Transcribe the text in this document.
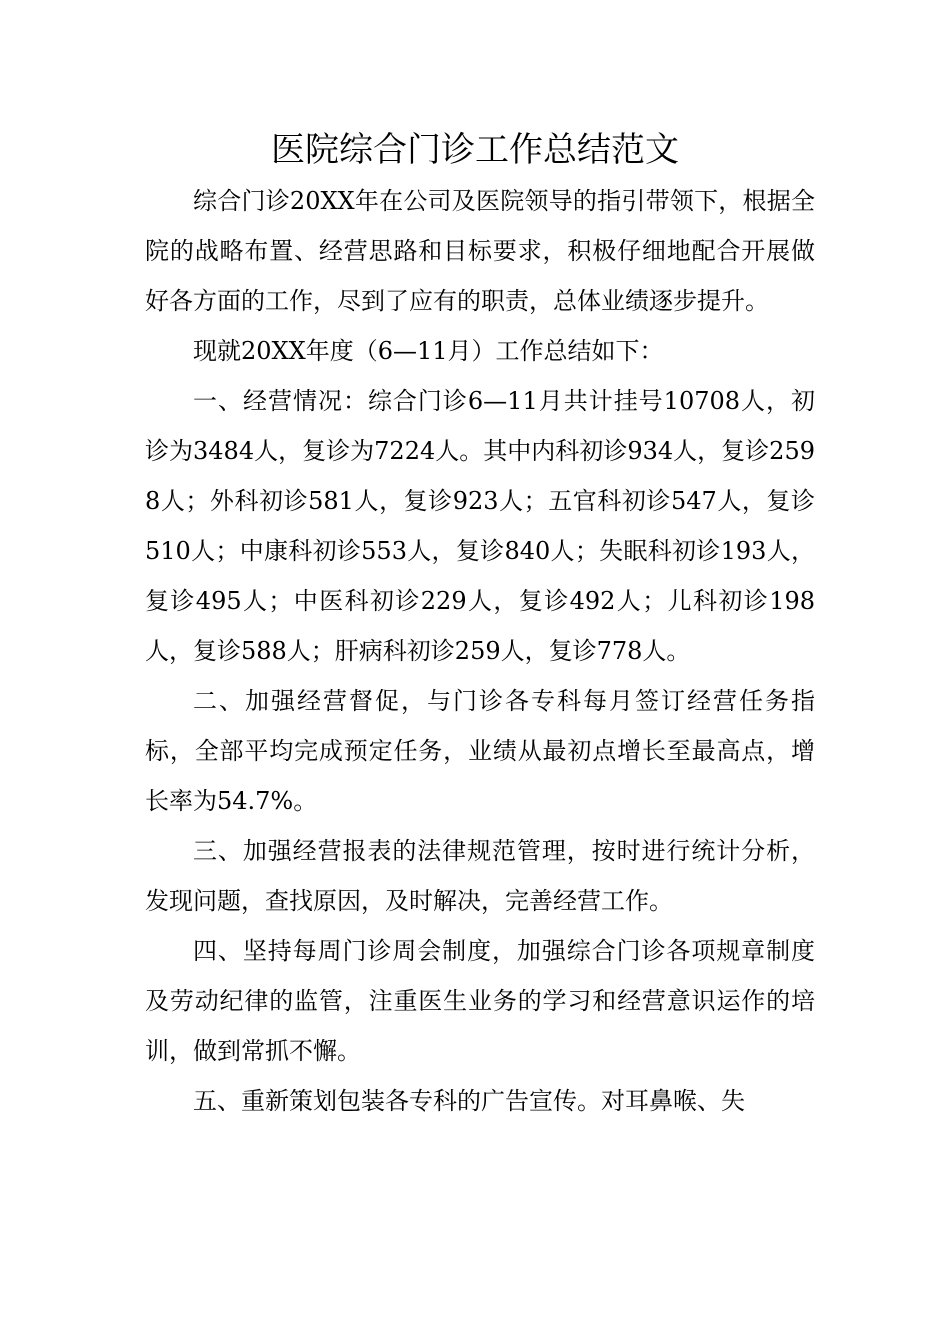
医院综合门诊工作总结范文

综合门诊20XX年在公司及医院领导的指引带领下，根据全院的战略布置、经营思路和目标要求，积极仔细地配合开展做好各方面的工作，尽到了应有的职责，总体业绩逐步提升。

现就20XX年度（6—11月）工作总结如下：

一、经营情况：综合门诊6—11月共计挂号10708人，初诊为3484人，复诊为7224人。其中内科初诊934人，复诊2598人；外科初诊581人，复诊923人；五官科初诊547人，复诊510人；中康科初诊553人，复诊840人；失眠科初诊193人，复诊495人；中医科初诊229人，复诊492人；儿科初诊198人，复诊588人；肝病科初诊259人，复诊778人。

二、加强经营督促，与门诊各专科每月签订经营任务指标，全部平均完成预定任务，业绩从最初点增长至最高点，增长率为54.7%。

三、加强经营报表的法律规范管理，按时进行统计分析，发现问题，查找原因，及时解决，完善经营工作。

四、坚持每周门诊周会制度，加强综合门诊各项规章制度及劳动纪律的监管，注重医生业务的学习和经营意识运作的培训，做到常抓不懈。

五、重新策划包装各专科的广告宣传。对耳鼻喉、失
